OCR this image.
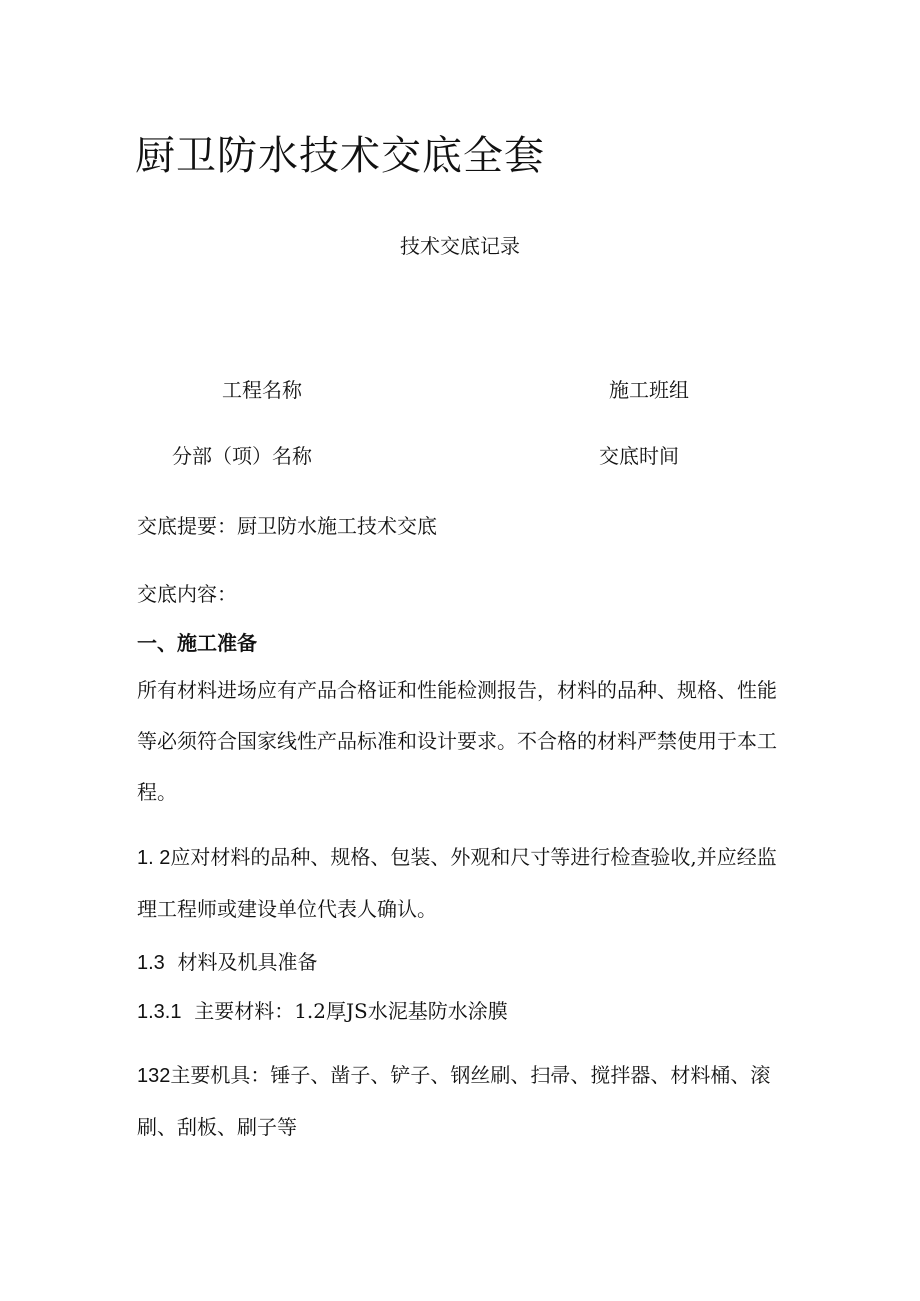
厨卫防水技术交底全套
技术交底记录
工程名称	施工班组
分部（项）名称	交底时间
交底提要：厨卫防水施工技术交底
交底内容：
一、施工准备

所有材料进场应有产品合格证和性能检测报告，材料的品种、规格、性能等必须符合国家线性产品标准和设计要求。不合格的材料严禁使用于本工程。

1. 2应对材料的品种、规格、包装、外观和尺寸等进行检查验收,并应经监理工程师或建设单位代表人确认。

1.3 材料及机具准备
1.3.1 主要材料：1.2厚JS水泥基防水涂膜

132主要机具：锤子、凿子、铲子、钢丝刷、扫帚、搅拌器、材料桶、滚刷、刮板、刷子等
